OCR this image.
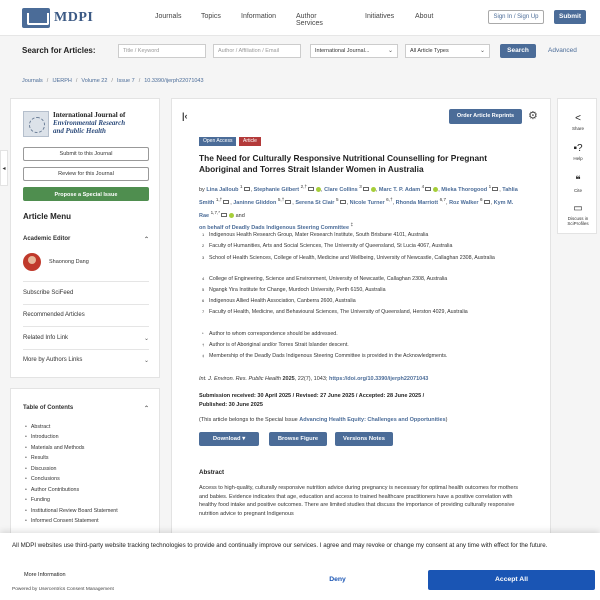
MDPI	Journals	Topics	Information	Author Services
Initiatives	About	Sign In / Sign Up	Submit
Search for Articles:	Title / Keyword	Author / Affiliation / Email	International Journal...	⌄	All Article Types	⌄	Search	Advanced
Journals / IJERPH / Volume 22 / Issue 7 / 10.3390/ijerph22071043
◂
International Journal of
Environmental Research
and Public Health
Submit to this Journal
Review for this Journal
Propose a Special Issue
Article Menu
Academic Editor	⌃
Shaonong Dang
Subscribe SciFeed
Recommended Articles
Related Info Link	⌄
More by Authors Links	⌄
Table of Contents	⌃
• Abstract
• Introduction
• Materials and Methods
• Results
• Discussion
• Conclusions
• Author Contributions
• Funding
• Institutional Review Board Statement
• Informed Consent Statement
|‹	Order Article Reprints	⚙
Open Access	Article
The Need for Culturally Responsive Nutritional Counselling for Pregnant Aboriginal and Torres Strait Islander Women in Australia
by Lina Jalloub $^1$, Stephanie Gilbert $^{2,\dagger}$, Clare Collins $^3$, Marc T. P. Adam $^4$, Mieka Thorogood $^1$, Tahlia Smith $^{1,\dagger}$, Janinne Gliddon $^{5,\dagger}$, Serena St Clair $^5$, Nicole Turner $^{6,\dagger}$, Rhonda Marriott $^{6,7}$, Roz Walker $^6$, Kym M. Rae $^{1,7,*}$ and
on behalf of Deadly Dads Indigenous Steering Committee ‡
1 Indigenous Health Research Group, Mater Research Institute, South Brisbane 4101, Australia
2 Faculty of Humanities, Arts and Social Sciences, The University of Queensland, St Lucia 4067, Australia
3 School of Health Sciences, College of Health, Medicine and Wellbeing, University of Newcastle, Callaghan 2308, Australia
4 College of Engineering, Science and Environment, University of Newcastle, Callaghan 2308, Australia
5 Ngangk Yira Institute for Change, Murdoch University, Perth 6150, Australia
6 Indigenous Allied Health Association, Canberra 2600, Australia
7 Faculty of Health, Medicine, and Behavioural Sciences, The University of Queensland, Herston 4029, Australia
* Author to whom correspondence should be addressed.
† Author is of Aboriginal and/or Torres Strait Islander descent.
‡ Membership of the Deadly Dads Indigenous Steering Committee is provided in the Acknowledgments.
Int. J. Environ. Res. Public Health 2025, 22(7), 1043; https://doi.org/10.3390/ijerph22071043
Submission received: 30 April 2025 / Revised: 27 June 2025 / Accepted: 28 June 2025 /
Published: 30 June 2025
(This article belongs to the Special Issue Advancing Health Equity: Challenges and Opportunities)
Download ▾	Browse Figure	Versions Notes
Abstract
Access to high-quality, culturally responsive nutrition advice during pregnancy is necessary for optimal health outcomes for mothers and babies. Evidence indicates that age, education and access to trained healthcare practitioners have a positive correlation with healthy food intake and positive outcomes. There are limited studies that discuss the importance of providing culturally responsive nutrition advice to pregnant Indigenous
<
Share
▪?
Help
❝
Cite
▭
Discuss in SciProfiles
All MDPI websites use third-party website tracking technologies to provide and continually improve our services. I agree and may revoke or change my consent at any time with effect for the future.
More Information
Powered by Usercentrics Consent Management
Deny	Accept All
